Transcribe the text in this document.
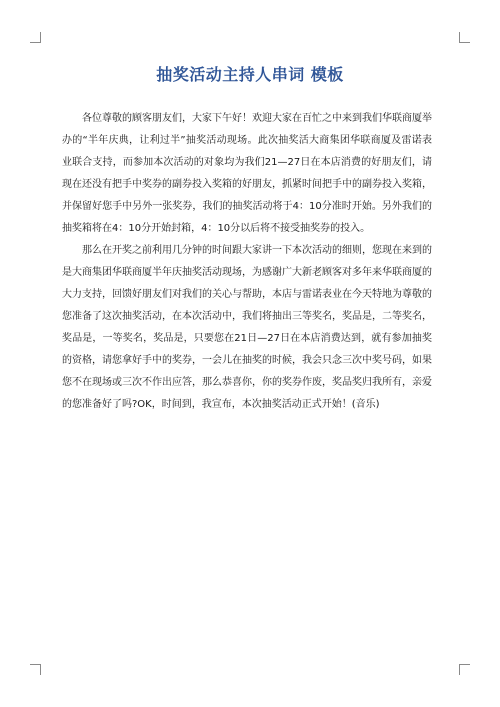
抽奖活动主持人串词 模板

各位尊敬的顾客朋友们，大家下午好！欢迎大家在百忙之中来到我们华联商厦举办的“半年庆典，让利过半”抽奖活动现场。此次抽奖活大商集团华联商厦及雷诺表业联合支持，而参加本次活动的对象均为我们21—27日在本店消费的好朋友们，请现在还没有把手中奖券的副券投入奖箱的好朋友，抓紧时间把手中的副券投入奖箱，并保留好您手中另外一张奖券，我们的抽奖活动将于4：10分准时开始。另外我们的抽奖箱将在4：10分开始封箱，4：10分以后将不接受抽奖券的投入。

那么在开奖之前利用几分钟的时间跟大家讲一下本次活动的细则，您现在来到的是大商集团华联商厦半年庆抽奖活动现场，为感谢广大新老顾客对多年来华联商厦的大力支持，回馈好朋友们对我们的关心与帮助，本店与雷诺表业在今天特地为尊敬的您准备了这次抽奖活动，在本次活动中，我们将抽出三等奖名，奖品是，二等奖名，奖品是，一等奖名，奖品是，只要您在21日—27日在本店消费达到，就有参加抽奖的资格，请您拿好手中的奖券，一会儿在抽奖的时候，我会只念三次中奖号码，如果您不在现场或三次不作出应答，那么恭喜你，你的奖券作废，奖品奖归我所有，亲爱的您准备好了吗?OK，时间到，我宣布，本次抽奖活动正式开始！(音乐)
